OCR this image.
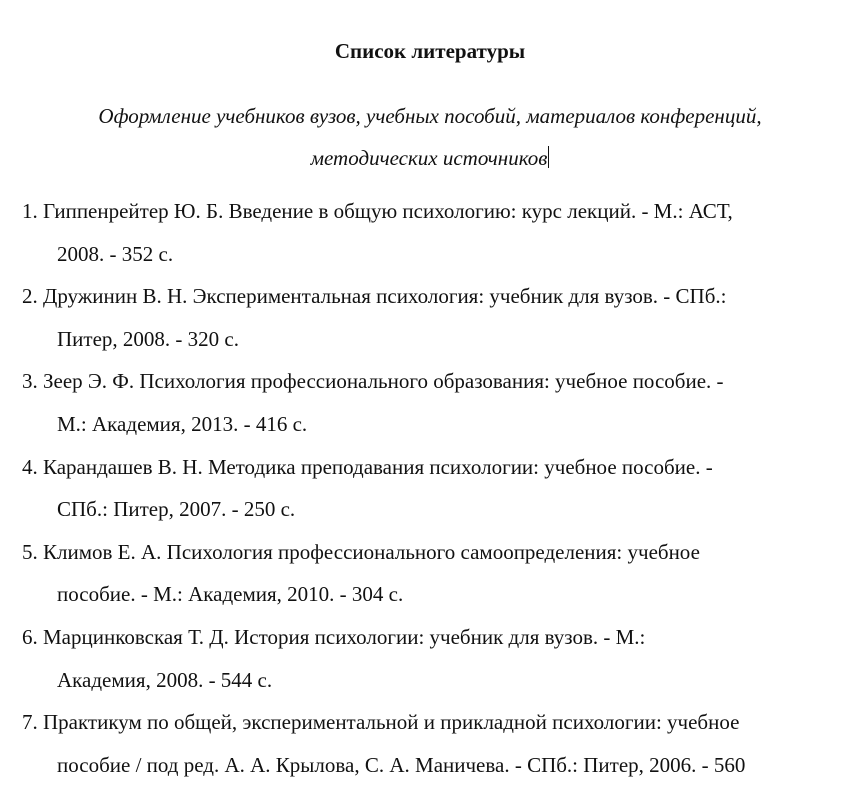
Список литературы
Оформление учебников вузов, учебных пособий, материалов конференций,
методических источников
1. Гиппенрейтер Ю. Б. Введение в общую психологию: курс лекций. - М.: АСТ,
2008. - 352 с.
2. Дружинин В. Н. Экспериментальная психология: учебник для вузов. - СПб.:
Питер, 2008. - 320 с.
3. Зеер Э. Ф. Психология профессионального образования: учебное пособие. -
М.: Академия, 2013. - 416 с.
4. Карандашев В. Н. Методика преподавания психологии: учебное пособие. -
СПб.: Питер, 2007. - 250 с.
5. Климов Е. А. Психология профессионального самоопределения: учебное
пособие. - М.: Академия, 2010. - 304 с.
6. Марцинковская Т. Д. История психологии: учебник для вузов. - М.:
Академия, 2008. - 544 с.
7. Практикум по общей, экспериментальной и прикладной психологии: учебное
пособие / под ред. А. А. Крылова, С. А. Маничева. - СПб.: Питер, 2006. - 560
